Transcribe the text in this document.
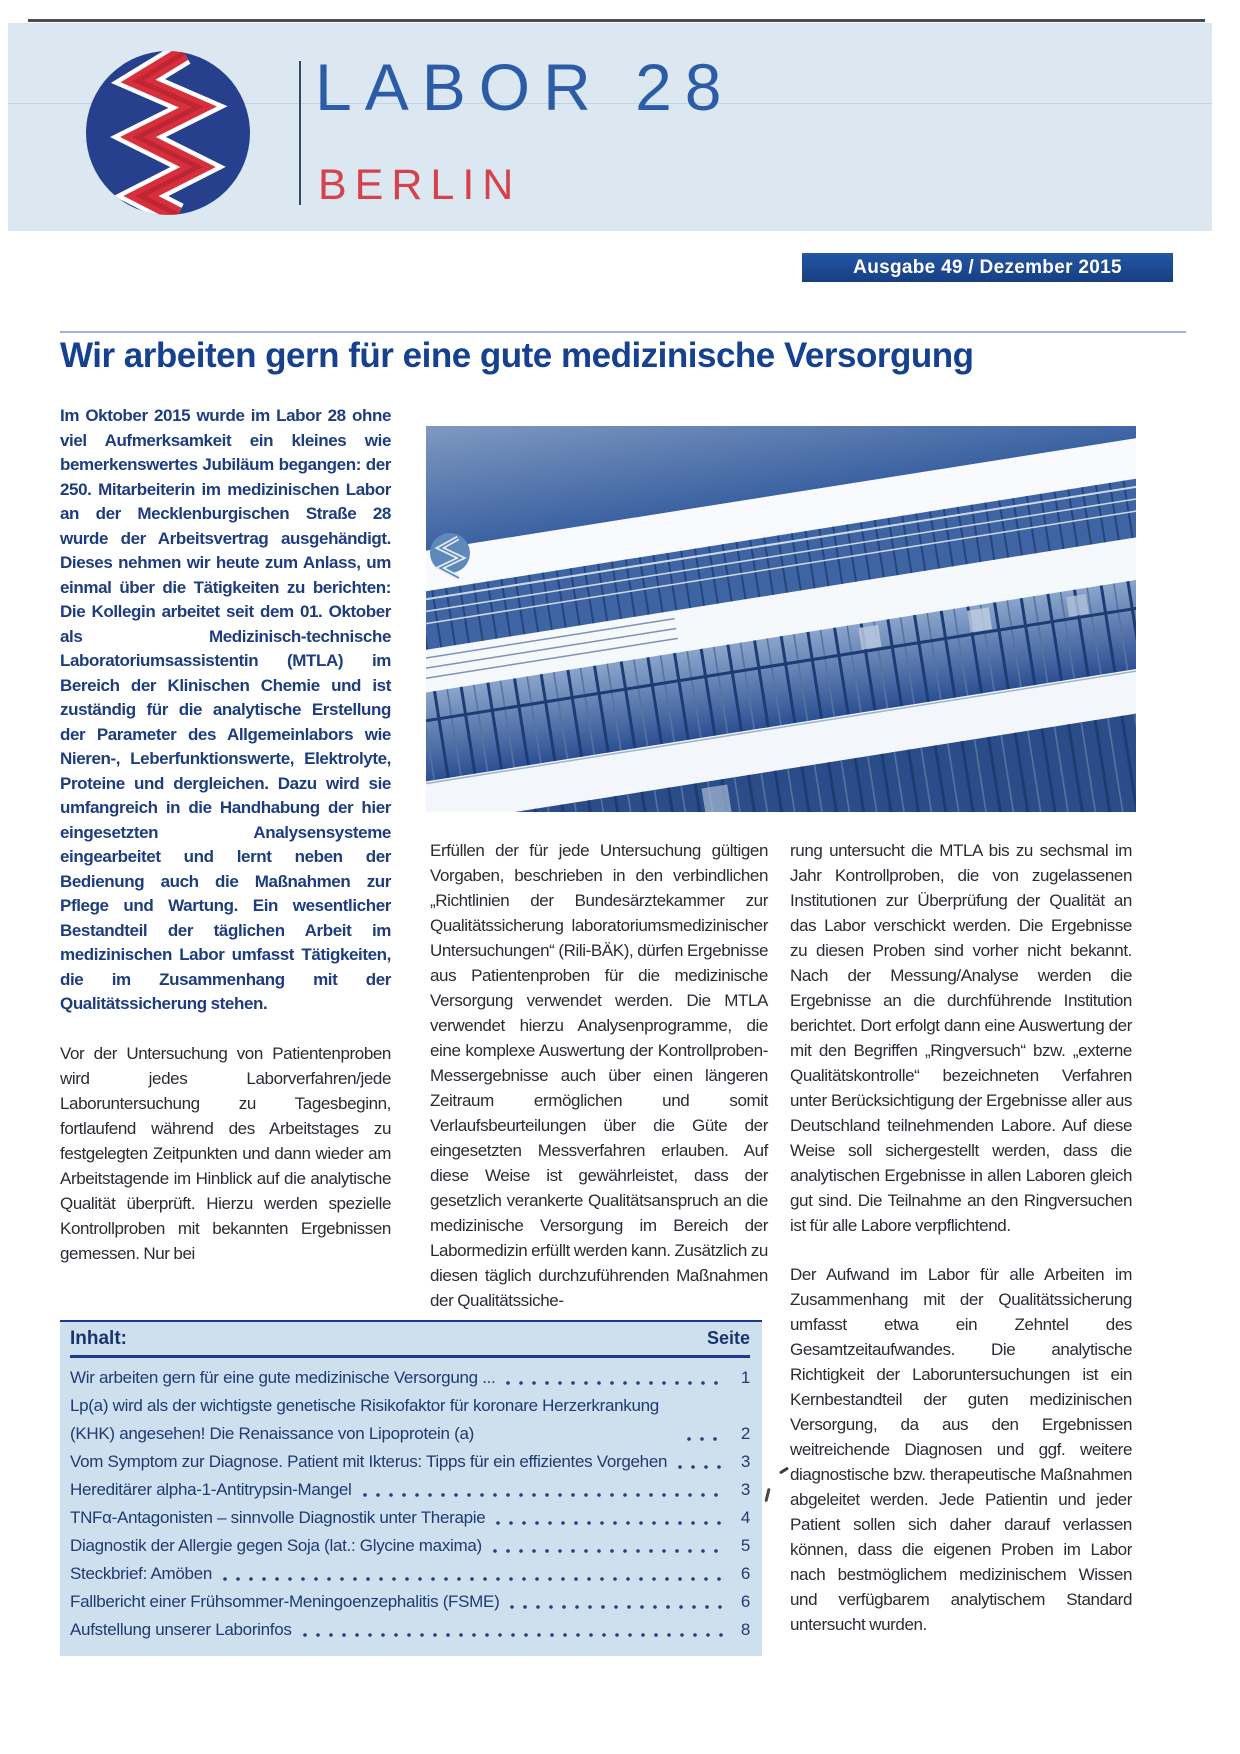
LABOR 28
BERLIN
Ausgabe 49 / Dezember 2015
Wir arbeiten gern für eine gute medizinische Versorgung

Im Oktober 2015 wurde im Labor 28 ohne viel Aufmerksamkeit ein kleines wie bemerkenswertes Jubiläum begangen: der 250. Mitarbeiterin im medizinischen Labor an der Mecklenburgischen Straße 28 wurde der Arbeitsvertrag ausgehändigt. Dieses nehmen wir heute zum Anlass, um einmal über die Tätigkeiten zu berichten: Die Kollegin arbeitet seit dem 01. Oktober als Medizinisch-technische Laboratoriumsassistentin (MTLA) im Bereich der Klinischen Chemie und ist zuständig für die analytische Erstellung der Parameter des Allgemeinlabors wie Nieren-, Leberfunktionswerte, Elektrolyte, Proteine und dergleichen. Dazu wird sie umfangreich in die Handhabung der hier eingesetzten Analysensysteme eingearbeitet und lernt neben der Bedienung auch die Maßnahmen zur Pflege und Wartung. Ein wesentlicher Bestandteil der täglichen Arbeit im medizinischen Labor umfasst Tätigkeiten, die im Zusammenhang mit der Qualitätssicherung stehen.

Vor der Untersuchung von Patientenproben wird jedes Laborverfahren/jede Laboruntersuchung zu Tagesbeginn, fortlaufend während des Arbeitstages zu festgelegten Zeitpunkten und dann wieder am Arbeitstagende im Hinblick auf die analytische Qualität überprüft. Hierzu werden spezielle Kontrollproben mit bekannten Ergebnissen gemessen. Nur bei

Erfüllen der für jede Untersuchung gültigen Vorgaben, beschrieben in den verbindlichen „Richtlinien der Bundesärztekammer zur Qualitätssicherung laboratoriumsmedizinischer Untersuchungen“ (Rili-BÄK), dürfen Ergebnisse aus Patientenproben für die medizinische Versorgung verwendet werden. Die MTLA verwendet hierzu Analysenprogramme, die eine komplexe Auswertung der Kontrollproben-Messergebnisse auch über einen längeren Zeitraum ermöglichen und somit Verlaufsbeurteilungen über die Güte der eingesetzten Messverfahren erlauben. Auf diese Weise ist gewährleistet, dass der gesetzlich verankerte Qualitätsanspruch an die medizinische Versorgung im Bereich der Labormedizin erfüllt werden kann. Zusätzlich zu diesen täglich durchzuführenden Maßnahmen der Qualitätssiche-

rung untersucht die MTLA bis zu sechsmal im Jahr Kontrollproben, die von zugelassenen Institutionen zur Überprüfung der Qualität an das Labor verschickt werden. Die Ergebnisse zu diesen Proben sind vorher nicht bekannt. Nach der Messung/Analyse werden die Ergebnisse an die durchführende Institution berichtet. Dort erfolgt dann eine Auswertung der mit den Begriffen „Ringversuch“ bzw. „externe Qualitätskontrolle“ bezeichneten Verfahren unter Berücksichtigung der Ergebnisse aller aus Deutschland teilnehmenden Labore. Auf diese Weise soll sichergestellt werden, dass die analytischen Ergebnisse in allen Laboren gleich gut sind. Die Teilnahme an den Ringversuchen ist für alle Labore verpflichtend.

Der Aufwand im Labor für alle Arbeiten im Zusammenhang mit der Qualitätssicherung umfasst etwa ein Zehntel des Gesamtzeitaufwandes. Die analytische Richtigkeit der Laboruntersuchungen ist ein Kernbestandteil der guten medizinischen Versorgung, da aus den Ergebnissen weitreichende Diagnosen und ggf. weitere diagnostische bzw. therapeutische Maßnahmen abgeleitet werden. Jede Patientin und jeder Patient sollen sich daher darauf verlassen können, dass die eigenen Proben im Labor nach bestmöglichem medizinischem Wissen und verfügbarem analytischem Standard untersucht wurden.

Inhalt:	Seite
Wir arbeiten gern für eine gute medizinische Versorgung ...	1
Lp(a) wird als der wichtigste genetische Risikofaktor für koronare Herzerkrankung (KHK) angesehen! Die Renaissance von Lipoprotein (a)	2
Vom Symptom zur Diagnose. Patient mit Ikterus: Tipps für ein effizientes Vorgehen	3
Hereditärer alpha-1-Antitrypsin-Mangel	3
TNFα-Antagonisten – sinnvolle Diagnostik unter Therapie	4
Diagnostik der Allergie gegen Soja (lat.: Glycine maxima)	5
Steckbrief: Amöben	6
Fallbericht einer Frühsommer-Meningoenzephalitis (FSME)	6
Aufstellung unserer Laborinfos	8
